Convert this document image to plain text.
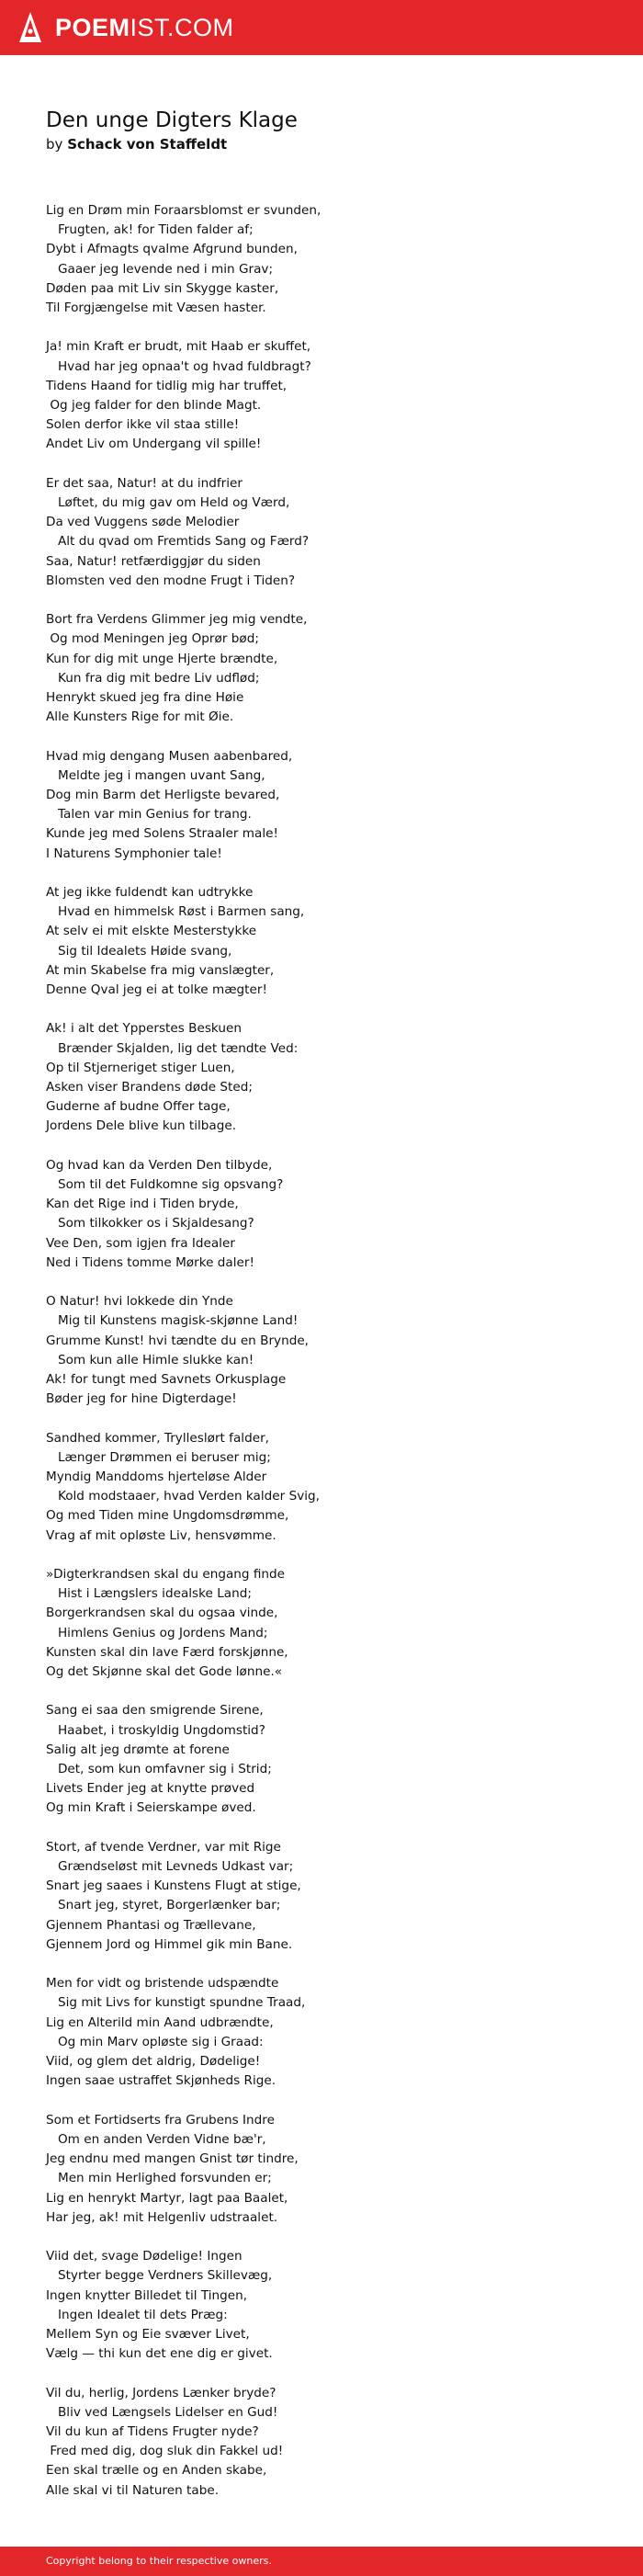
POEMIST.COM
Den unge Digters Klage
by Schack von Staffeldt
Lig en Drøm min Foraarsblomst er svunden,
Frugten, ak! for Tiden falder af;
Dybt i Afmagts qvalme Afgrund bunden,
Gaaer jeg levende ned i min Grav;
Døden paa mit Liv sin Skygge kaster,
Til Forgjængelse mit Væsen haster.
Ja! min Kraft er brudt, mit Haab er skuffet,
Hvad har jeg opnaa't og hvad fuldbragt?
Tidens Haand for tidlig mig har truffet,
Og jeg falder for den blinde Magt.
Solen derfor ikke vil staa stille!
Andet Liv om Undergang vil spille!
Er det saa, Natur! at du indfrier
Løftet, du mig gav om Held og Værd,
Da ved Vuggens søde Melodier
Alt du qvad om Fremtids Sang og Færd?
Saa, Natur! retfærdiggjør du siden
Blomsten ved den modne Frugt i Tiden?
Bort fra Verdens Glimmer jeg mig vendte,
Og mod Meningen jeg Oprør bød;
Kun for dig mit unge Hjerte brændte,
Kun fra dig mit bedre Liv udflød;
Henrykt skued jeg fra dine Høie
Alle Kunsters Rige for mit Øie.
Hvad mig dengang Musen aabenbared,
Meldte jeg i mangen uvant Sang,
Dog min Barm det Herligste bevared,
Talen var min Genius for trang.
Kunde jeg med Solens Straaler male!
I Naturens Symphonier tale!
At jeg ikke fuldendt kan udtrykke
Hvad en himmelsk Røst i Barmen sang,
At selv ei mit elskte Mesterstykke
Sig til Idealets Høide svang,
At min Skabelse fra mig vanslægter,
Denne Qval jeg ei at tolke mægter!
Ak! i alt det Ypperstes Beskuen
Brænder Skjalden, lig det tændte Ved:
Op til Stjerneriget stiger Luen,
Asken viser Brandens døde Sted;
Guderne af budne Offer tage,
Jordens Dele blive kun tilbage.
Og hvad kan da Verden Den tilbyde,
Som til det Fuldkomne sig opsvang?
Kan det Rige ind i Tiden bryde,
Som tilkokker os i Skjaldesang?
Vee Den, som igjen fra Idealer
Ned i Tidens tomme Mørke daler!
O Natur! hvi lokkede din Ynde
Mig til Kunstens magisk-skjønne Land!
Grumme Kunst! hvi tændte du en Brynde,
Som kun alle Himle slukke kan!
Ak! for tungt med Savnets Orkusplage
Bøder jeg for hine Digterdage!
Sandhed kommer, Trylleslørt falder,
Længer Drømmen ei beruser mig;
Myndig Manddoms hjerteløse Alder
Kold modstaaer, hvad Verden kalder Svig,
Og med Tiden mine Ungdomsdrømme,
Vrag af mit opløste Liv, hensvømme.
»Digterkrandsen skal du engang finde
Hist i Længslers idealske Land;
Borgerkrandsen skal du ogsaa vinde,
Himlens Genius og Jordens Mand;
Kunsten skal din lave Færd forskjønne,
Og det Skjønne skal det Gode lønne.«
Sang ei saa den smigrende Sirene,
Haabet, i troskyldig Ungdomstid?
Salig alt jeg drømte at forene
Det, som kun omfavner sig i Strid;
Livets Ender jeg at knytte prøved
Og min Kraft i Seierskampe øved.
Stort, af tvende Verdner, var mit Rige
Grændseløst mit Levneds Udkast var;
Snart jeg saaes i Kunstens Flugt at stige,
Snart jeg, styret, Borgerlænker bar;
Gjennem Phantasi og Trællevane,
Gjennem Jord og Himmel gik min Bane.
Men for vidt og bristende udspændte
Sig mit Livs for kunstigt spundne Traad,
Lig en Alterild min Aand udbrændte,
Og min Marv opløste sig i Graad:
Viid, og glem det aldrig, Dødelige!
Ingen saae ustraffet Skjønheds Rige.
Som et Fortidserts fra Grubens Indre
Om en anden Verden Vidne bæ'r,
Jeg endnu med mangen Gnist tør tindre,
Men min Herlighed forsvunden er;
Lig en henrykt Martyr, lagt paa Baalet,
Har jeg, ak! mit Helgenliv udstraalet.
Viid det, svage Dødelige! Ingen
Styrter begge Verdners Skillevæg,
Ingen knytter Billedet til Tingen,
Ingen Idealet til dets Præg:
Mellem Syn og Eie svæver Livet,
Vælg — thi kun det ene dig er givet.
Vil du, herlig, Jordens Lænker bryde?
Bliv ved Længsels Lidelser en Gud!
Vil du kun af Tidens Frugter nyde?
Fred med dig, dog sluk din Fakkel ud!
Een skal trælle og en Anden skabe,
Alle skal vi til Naturen tabe.
Copyright belong to their respective owners.
